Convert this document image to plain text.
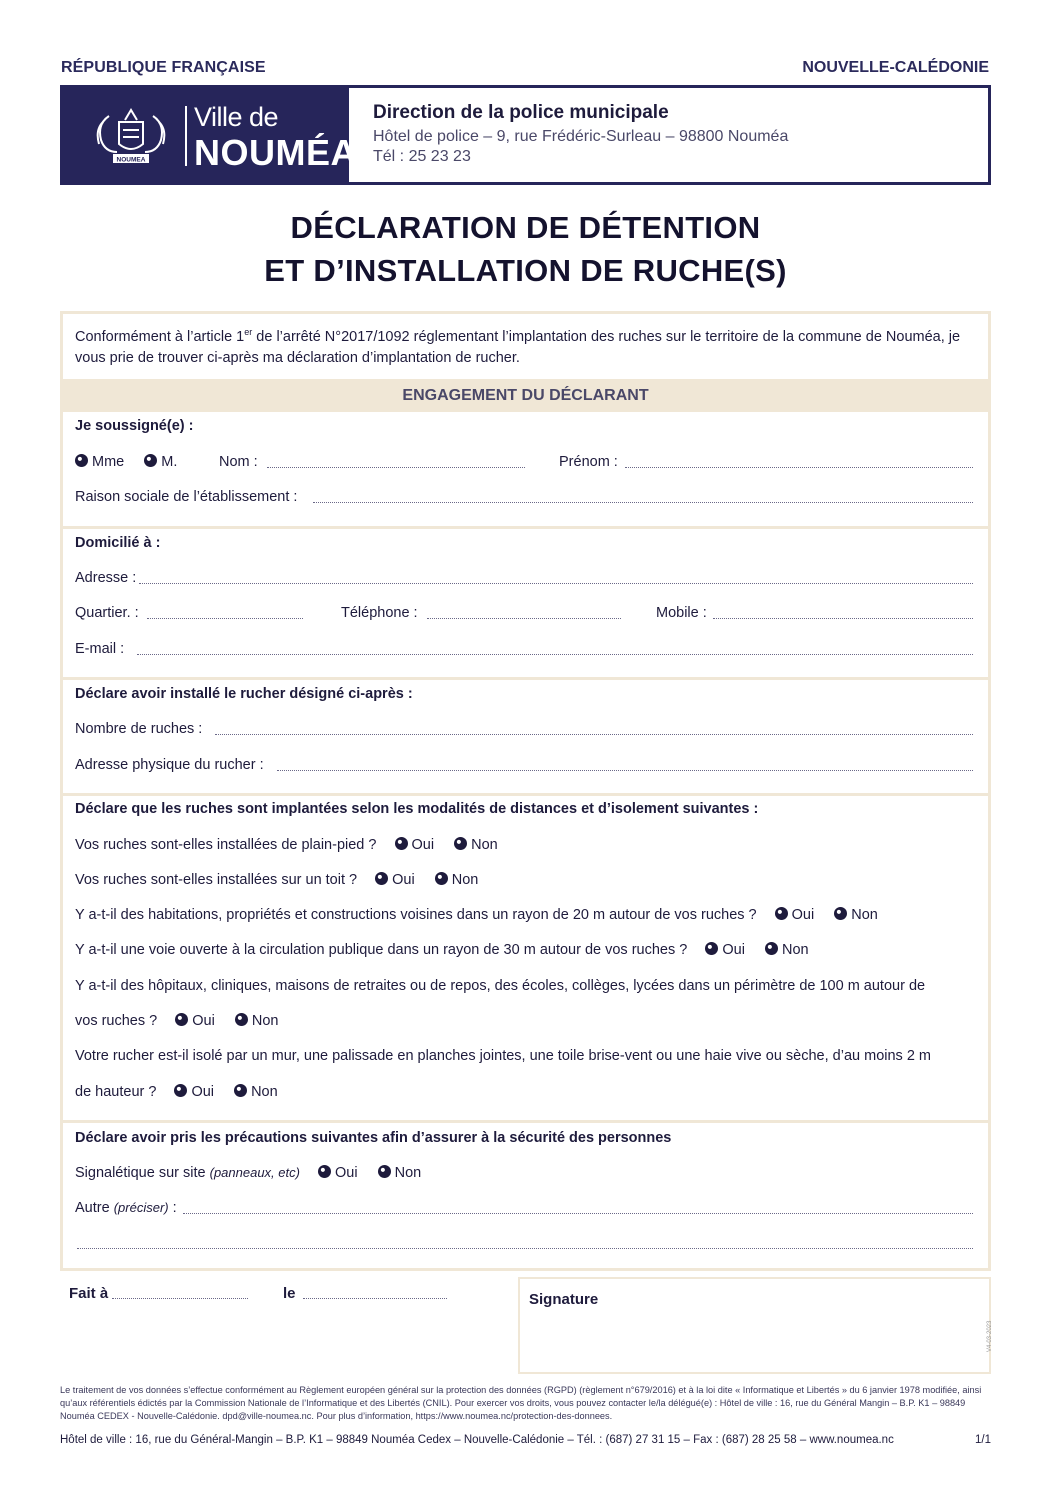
RÉPUBLIQUE FRANÇAISE	NOUVELLE-CALÉDONIE
NOUMEA
Ville de
NOUMÉA
Direction de la police municipale
Hôtel de police – 9, rue Frédéric-Surleau – 98800 Nouméa
Tél : 25 23 23
DÉCLARATION DE DÉTENTION
ET D’INSTALLATION DE RUCHE(S)
Conformément à l’article 1er de l’arrêté N°2017/1092 réglementant l’implantation des ruches sur le territoire de la commune de Nouméa, je vous prie de trouver ci-après ma déclaration d’implantation de rucher.
ENGAGEMENT DU DÉCLARANT
Je soussigné(e) :
Mme	M.	Nom :	Prénom :
Raison sociale de l’établissement :
Domicilié à :
Adresse :
Quartier. :	Téléphone :	Mobile :
E-mail :
Déclare avoir installé le rucher désigné ci-après :
Nombre de ruches :
Adresse physique du rucher :
Déclare que les ruches sont implantées selon les modalités de distances et d’isolement suivantes :
Vos ruches sont-elles installées de plain-pied ? Oui	Non
Vos ruches sont-elles installées sur un toit ? Oui	Non
Y a-t-il des habitations, propriétés et constructions voisines dans un rayon de 20 m autour de vos ruches ? Oui	Non
Y a-t-il une voie ouverte à la circulation publique dans un rayon de 30 m autour de vos ruches ? Oui	Non
Y a-t-il des hôpitaux, cliniques, maisons de retraites ou de repos, des écoles, collèges, lycées dans un périmètre de 100 m autour de
vos ruches ? Oui	Non
Votre rucher est-il isolé par un mur, une palissade en planches jointes, une toile brise-vent ou une haie vive ou sèche, d’au moins 2 m
de hauteur ? Oui	Non
Déclare avoir pris les précautions suivantes afin d’assurer à la sécurité des personnes
Signalétique sur site (panneaux, etc) Oui	Non
Autre (préciser) :
Fait à	le	Signature
V4-03-2023
Le traitement de vos données s’effectue conformément au Règlement européen général sur la protection des données (RGPD) (règlement n°679/2016) et à la loi dite « Informatique et Libertés » du 6 janvier 1978 modifiée, ainsi qu’aux référentiels édictés par la Commission Nationale de l’Informatique et des Libertés (CNIL). Pour exercer vos droits, vous pouvez contacter le/la délégué(e) : Hôtel de ville : 16, rue du Général Mangin – B.P. K1 – 98849 Nouméa CEDEX - Nouvelle-Calédonie. dpd@ville-noumea.nc. Pour plus d’information, https://www.noumea.nc/protection-des-donnees.
Hôtel de ville : 16, rue du Général-Mangin – B.P. K1 – 98849 Nouméa Cedex – Nouvelle-Calédonie – Tél. : (687) 27 31 15 – Fax : (687) 28 25 58 – www.noumea.nc	1/1
